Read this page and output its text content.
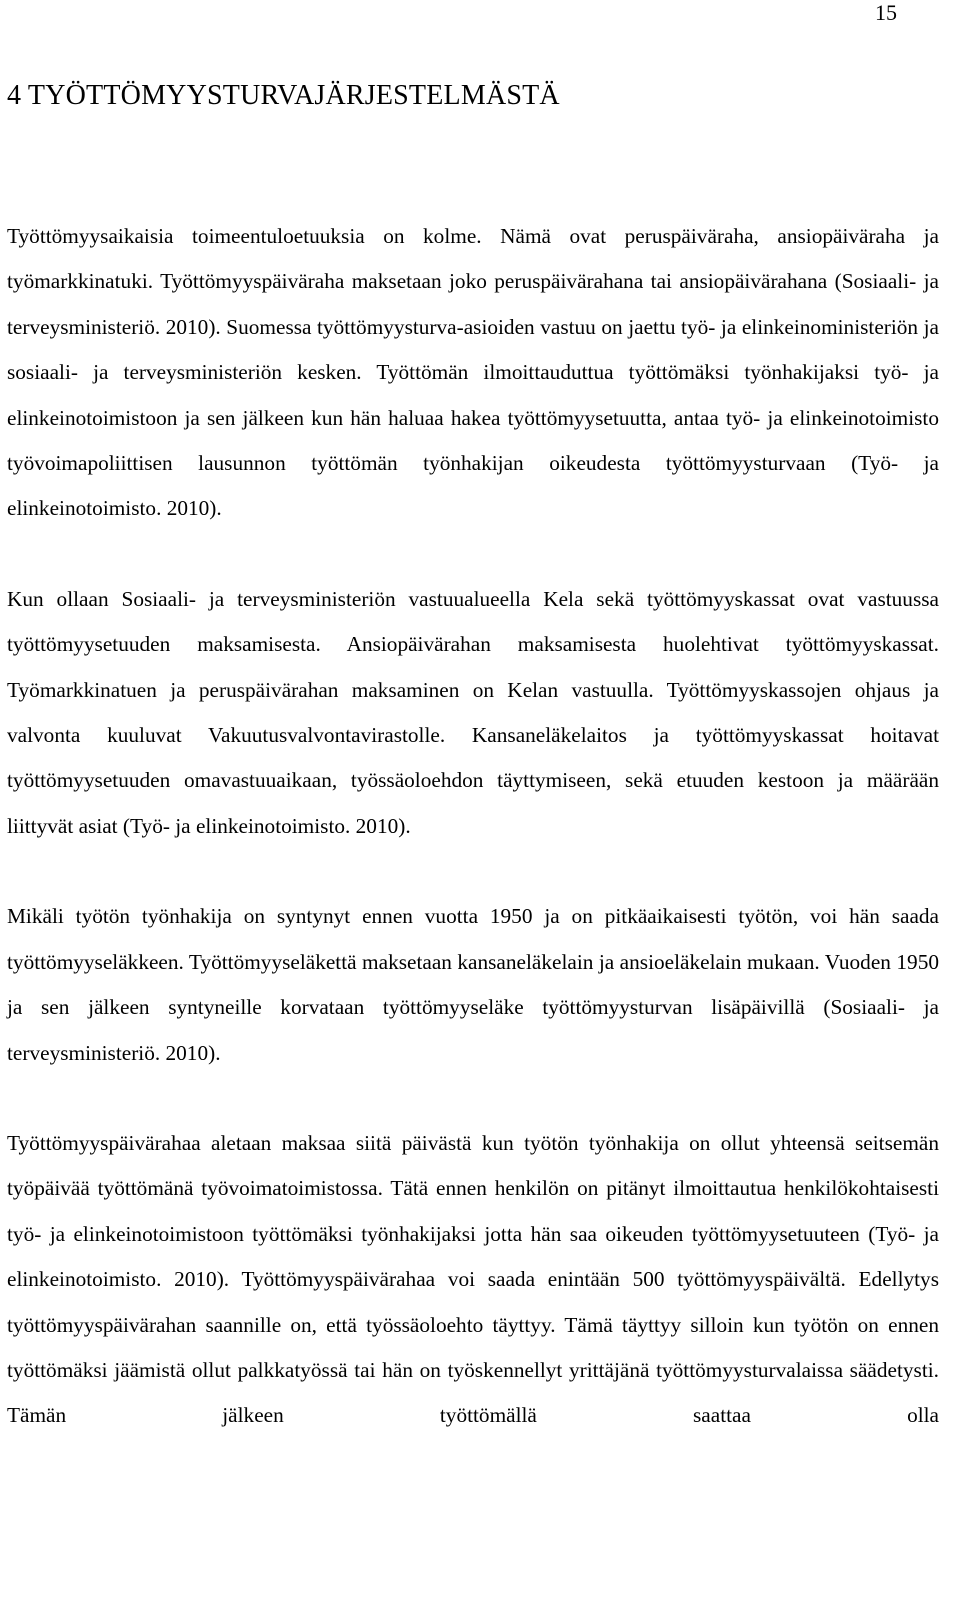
15
4 TYÖTTÖMYYSTURVAJÄRJESTELMÄSTÄ

Työttömyysaikaisia toimeentuloetuuksia on kolme. Nämä ovat peruspäiväraha, ansiopäiväraha ja työmarkkinatuki. Työttömyyspäiväraha maksetaan joko peruspäivärahana tai ansiopäivärahana (Sosiaali- ja terveysministeriö. 2010). Suomessa työttömyysturva-asioiden vastuu on jaettu työ- ja elinkeinoministeriön ja sosiaali- ja terveysministeriön kesken. Työttömän ilmoittauduttua työttömäksi työnhakijaksi työ- ja elinkeinotoimistoon ja sen jälkeen kun hän haluaa hakea työttömyysetuutta, antaa työ- ja elinkeinotoimisto työvoimapoliittisen lausunnon työttömän työnhakijan oikeudesta työttömyysturvaan (Työ- ja elinkeinotoimisto. 2010).

Kun ollaan Sosiaali- ja terveysministeriön vastuualueella Kela sekä työttömyyskassat ovat vastuussa työttömyysetuuden maksamisesta. Ansiopäivärahan maksamisesta huolehtivat työttömyyskassat. Työmarkkinatuen ja peruspäivärahan maksaminen on Kelan vastuulla. Työttömyyskassojen ohjaus ja valvonta kuuluvat Vakuutusvalvontavirastolle. Kansaneläkelaitos ja työttömyyskassat hoitavat työttömyysetuuden omavastuuaikaan, työssäoloehdon täyttymiseen, sekä etuuden kestoon ja määrään liittyvät asiat (Työ- ja elinkeinotoimisto. 2010).

Mikäli työtön työnhakija on syntynyt ennen vuotta 1950 ja on pitkäaikaisesti työtön, voi hän saada työttömyyseläkkeen. Työttömyyseläkettä maksetaan kansaneläkelain ja ansioeläkelain mukaan. Vuoden 1950 ja sen jälkeen syntyneille korvataan työttömyyseläke työttömyysturvan lisäpäivillä (Sosiaali- ja terveysministeriö. 2010).

Työttömyyspäivärahaa aletaan maksaa siitä päivästä kun työtön työnhakija on ollut yhteensä seitsemän työpäivää työttömänä työvoimatoimistossa. Tätä ennen henkilön on pitänyt ilmoittautua henkilökohtaisesti työ- ja elinkeinotoimistoon työttömäksi työnhakijaksi jotta hän saa oikeuden työttömyysetuuteen (Työ- ja elinkeinotoimisto. 2010). Työttömyyspäivärahaa voi saada enintään 500 työttömyyspäivältä. Edellytys työttömyyspäivärahan saannille on, että työssäoloehto täyttyy. Tämä täyttyy silloin kun työtön on ennen työttömäksi jäämistä ollut palkkatyössä tai hän on työskennellyt yrittäjänä työttömyysturvalaissa säädetysti. Tämän jälkeen työttömällä saattaa olla
